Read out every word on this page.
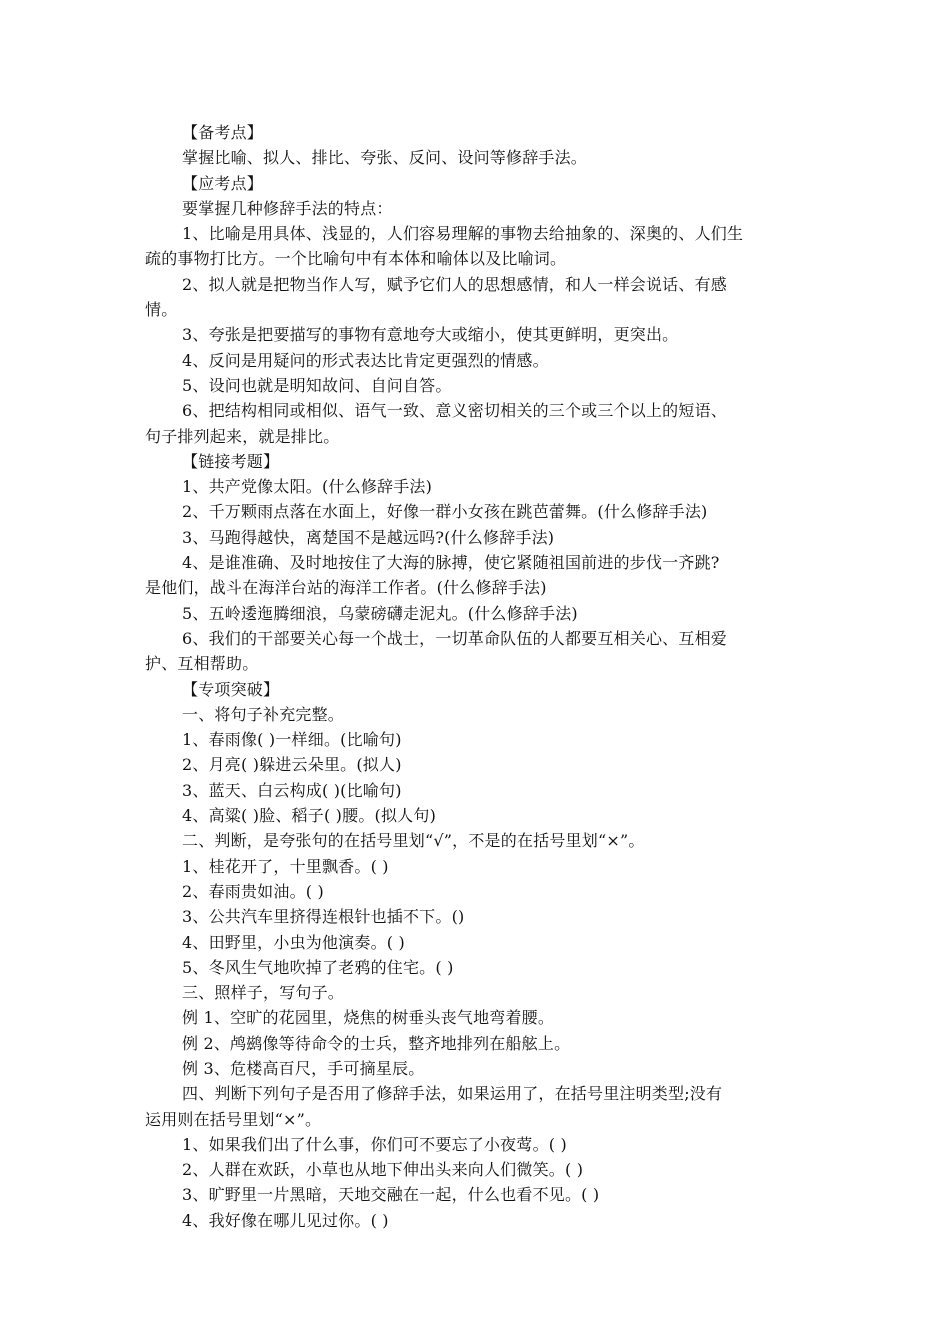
【备考点】
掌握比喻、拟人、排比、夸张、反问、设问等修辞手法。
【应考点】
要掌握几种修辞手法的特点：
1、比喻是用具体、浅显的，人们容易理解的事物去给抽象的、深奥的、人们生
疏的事物打比方。一个比喻句中有本体和喻体以及比喻词。
2、拟人就是把物当作人写，赋予它们人的思想感情，和人一样会说话、有感
情。
3、夸张是把要描写的事物有意地夸大或缩小，使其更鲜明，更突出。
4、反问是用疑问的形式表达比肯定更强烈的情感。
5、设问也就是明知故问、自问自答。
6、把结构相同或相似、语气一致、意义密切相关的三个或三个以上的短语、
句子排列起来，就是排比。
【链接考题】
1、共产党像太阳。(什么修辞手法)
2、千万颗雨点落在水面上，好像一群小女孩在跳芭蕾舞。(什么修辞手法)
3、马跑得越快，离楚国不是越远吗?(什么修辞手法)
4、是谁准确、及时地按住了大海的脉搏，使它紧随祖国前进的步伐一齐跳?
是他们，战斗在海洋台站的海洋工作者。(什么修辞手法)
5、五岭逶迤腾细浪，乌蒙磅礴走泥丸。(什么修辞手法)
6、我们的干部要关心每一个战士，一切革命队伍的人都要互相关心、互相爱
护、互相帮助。
【专项突破】
一、将句子补充完整。
1、春雨像( )一样细。(比喻句)
2、月亮( )躲进云朵里。(拟人)
3、蓝天、白云构成( )(比喻句)
4、高粱( )脸、稻子( )腰。(拟人句)
二、判断，是夸张句的在括号里划“√”，不是的在括号里划“×”。
1、桂花开了，十里飘香。( )
2、春雨贵如油。( )
3、公共汽车里挤得连根针也插不下。()
4、田野里，小虫为他演奏。( )
5、冬风生气地吹掉了老鸦的住宅。( )
三、照样子，写句子。
例 1、空旷的花园里，烧焦的树垂头丧气地弯着腰。
例 2、鸬鹚像等待命令的士兵，整齐地排列在船舷上。
例 3、危楼高百尺，手可摘星辰。
四、判断下列句子是否用了修辞手法，如果运用了，在括号里注明类型;没有
运用则在括号里划“×”。
1、如果我们出了什么事，你们可不要忘了小夜莺。( )
2、人群在欢跃，小草也从地下伸出头来向人们微笑。( )
3、旷野里一片黑暗，天地交融在一起，什么也看不见。( )
4、我好像在哪儿见过你。( )
